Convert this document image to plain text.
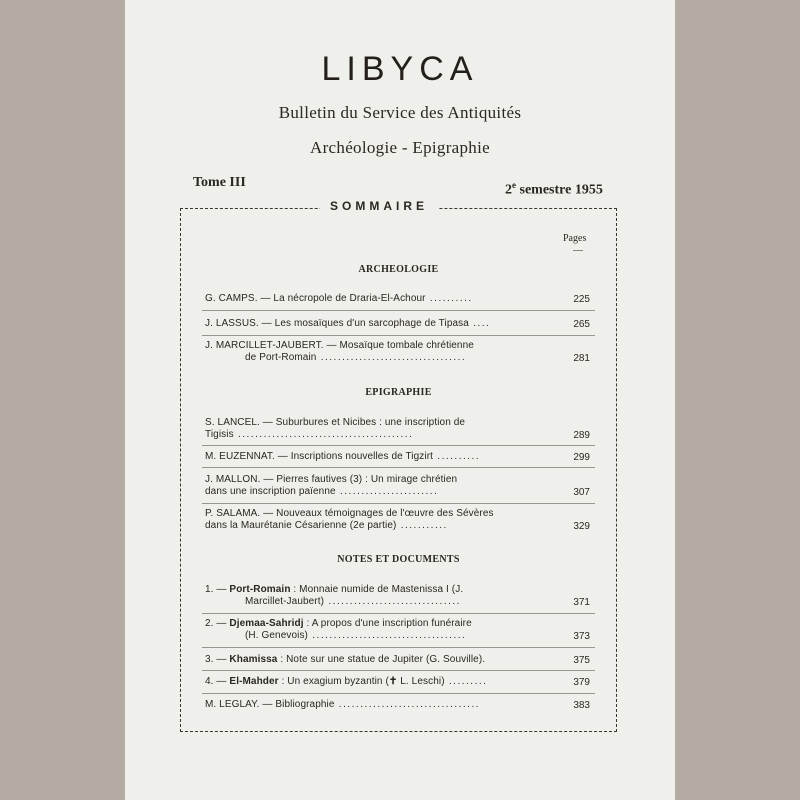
LIBYCA
Bulletin du Service des Antiquités
Archéologie - Epigraphie
Tome III
2e semestre 1955
SOMMAIRE
Pages
—
ARCHEOLOGIE
G. CAMPS. — La nécropole de Draria-El-Achour ..........	225
J. LASSUS. — Les mosaïques d'un sarcophage de Tipasa ....	265
J. MARCILLET-JAUBERT. — Mosaïque tombale chrétienne
de Port-Romain ..................................	281
EPIGRAPHIE
S. LANCEL. — Suburbures et Nicibes : une inscription de
Tigisis .........................................	289
M. EUZENNAT. — Inscriptions nouvelles de Tigzirt ..........	299
J. MALLON. — Pierres fautives (3) : Un mirage chrétien
dans une inscription païenne .......................	307
P. SALAMA. — Nouveaux témoignages de l'œuvre des Sévères
dans la Maurétanie Césarienne (2e partie) ...........	329
NOTES ET DOCUMENTS
1. — Port-Romain : Monnaie numide de Mastenissa I (J.
Marcillet-Jaubert) ...............................	371
2. — Djemaa-Sahridj : A propos d'une inscription funéraire
(H. Genevois) ....................................	373
3. — Khamissa : Note sur une statue de Jupiter (G. Souville).	375
4. — El-Mahder : Un exagium byzantin (✝ L. Leschi) .........	379
M. LEGLAY. — Bibliographie .................................	383
